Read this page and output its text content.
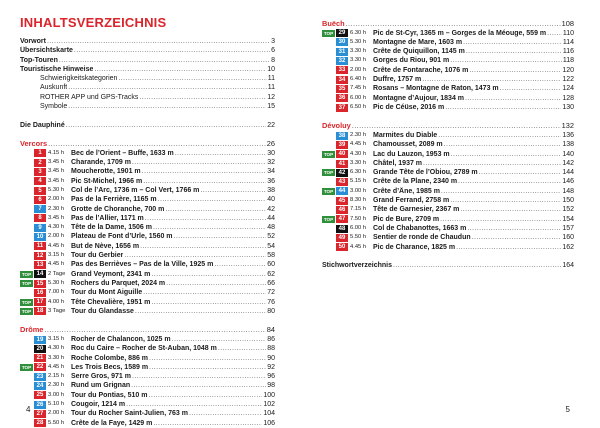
INHALTSVERZEICHNIS
Vorwort .....	3
Übersichtskarte .....	6
Top-Touren .....	8
Touristische Hinweise .....	10
Schwierigkeitskategorien .....	11
Auskunft .....	11
ROTHER APP und GPS-Tracks .....	12
Symbole .....	15
Die Dauphiné .....	22
Vercors .....	26
1	4.15 h Bec de l’Orient – Buffe, 1633 m .....	30
2	3.45 h Charande, 1709 m .....	32
3	3.45 h Moucherotte, 1901 m .....	34
4	3.45 h Pic St-Michel, 1966 m .....	36
5	5.30 h Col de l’Arc, 1736 m – Col Vert, 1766 m .....	38
6	2.00 h Pas de la Ferrière, 1165 m .....	40
7	2.30 h Grotte de Choranche, 700 m .....	42
8	3.45 h Pas de l’Allier, 1171 m .....	44
9	4.30 h Tête de la Dame, 1506 m .....	48
10 2.00 h Plateau de Font d’Urle, 1560 m .....	52
11 4.45 h But de Nève, 1656 m .....	54
12 3.15 h Tour du Gerbier .....	58
13 4.45 h Pas des Berrièves – Pas de la Ville, 1925 m .....	60
TOP 14 2 Tage Grand Veymont, 2341 m .....	62
TOP 15 5.30 h Rochers du Parquet, 2024 m .....	66
16 7.00 h Tour du Mont Aiguille .....	72
TOP 17 4.00 h Tête Chevalière, 1951 m .....	76
TOP 18 3 Tage Tour du Glandasse .....	80
Drôme .....	84
19 3.15 h Rocher de Chalancon, 1025 m .....	86
20 4.30 h Roc du Caire – Rocher de St-Auban, 1048 m .....	88
21 3.30 h Roche Colombe, 886 m .....	90
TOP 22 4.45 h Les Trois Becs, 1589 m .....	92
23 2.15 h Serre Gros, 971 m .....	96
24 2.30 h Rund um Grignan .....	98
25 3.00 h Tour du Pontias, 510 m .....	100
26 5.10 h Cougoir, 1214 m .....	102
27 2.00 h Tour du Rocher Saint-Julien, 763 m .....	104
28 5.50 h Crête de la Faye, 1429 m .....	106
4
Buëch .....	108
TOP 29 6.30 h Pic de St-Cyr, 1365 m – Gorges de la Méouge, 559 m ..... 110
30 5.30 h Montagne de Mare, 1603 m .....	114
31 3.30 h Crête de Quiquillon, 1145 m .....	116
32 3.30 h Gorges du Riou, 901 m .....	118
33 2.00 h Crête de Fontarache, 1076 m .....	120
34 6.40 h Duffre, 1757 m .....	122
35 7.45 h Rosans – Montagne de Raton, 1473 m .....	124
36 6.00 h Montagne d’Aujour, 1834 m .....	128
37 6.50 h Pic de Céüse, 2016 m .....	130
Dévoluy .....	132
38 2.30 h Marmites du Diable .....	136
39 4.45 h Chamousset, 2089 m .....	138
TOP 40 4.30 h Lac du Lauzon, 1953 m .....	140
41 3.30 h Châtel, 1937 m .....	142
TOP 42 6.30 h Grande Tête de l’Obiou, 2789 m .....	144
43 5.15 h Crête de la Plane, 2340 m .....	146
TOP 44 3.00 h Crête d’Âne, 1985 m .....	148
45 8.30 h Grand Ferrand, 2758 m .....	150
46 7.15 h Tête de Garnesier, 2367 m .....	152
TOP 47 7.50 h Pic de Bure, 2709 m .....	154
48 6.00 h Col de Chabanottes, 1663 m .....	157
49 5.50 h Sentier de ronde de Chaudun .....	160
50 4.45 h Pic de Charance, 1825 m .....	162
Stichwortverzeichnis .....	164
5
